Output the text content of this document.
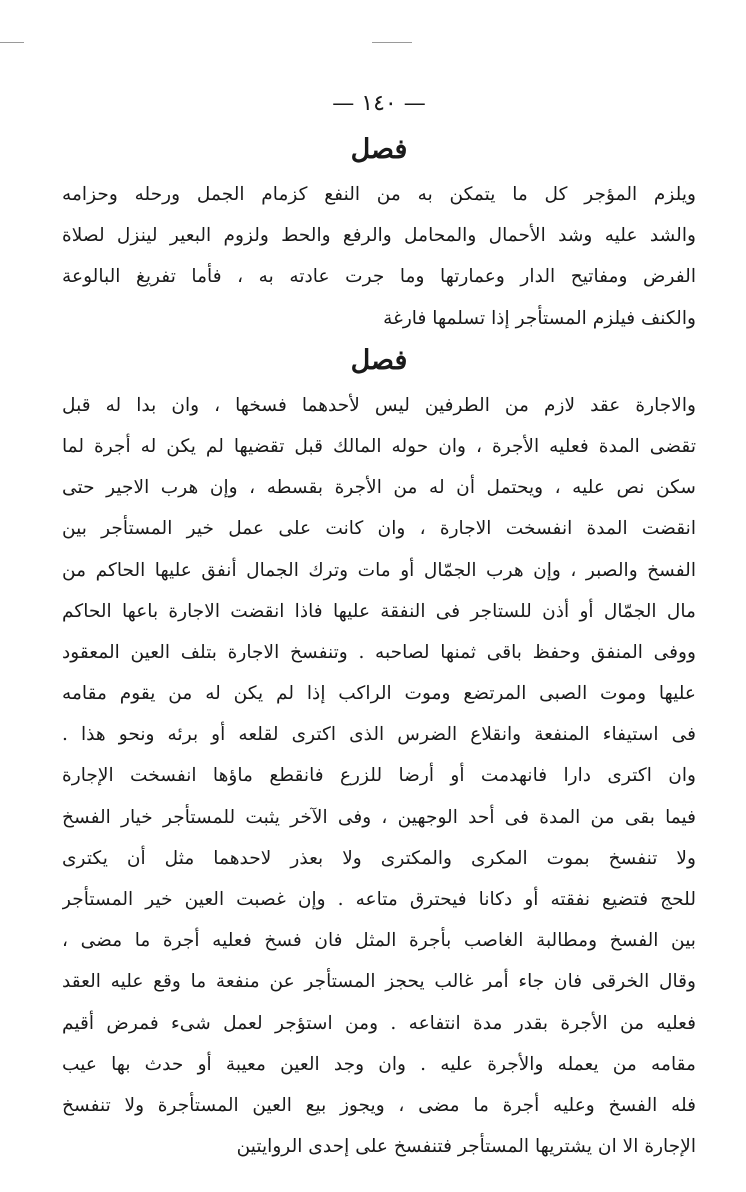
— ١٤٠ —
فصل
ويلزم المؤجر كل ما يتمكن به من النفع كزمام الجمل ورحله وحزامه
والشد عليه وشد الأحمال والمحامل والرفع والحط ولزوم البعير لينزل لصلاة
الفرض ومفاتيح الدار وعمارتها وما جرت عادته به ، فأما تفريغ البالوعة
والكنف فيلزم المستأجر إذا تسلمها فارغة
فصل
والاجارة عقد لازم من الطرفين ليس لأحدهما فسخها ، وان بدا له قبل
تقضى المدة فعليه الأجرة ، وان حوله المالك قبل تقضيها لم يكن له أجرة لما
سكن نص عليه ، ويحتمل أن له من الأجرة بقسطه ، وإن هرب الاجير حتى
انقضت المدة انفسخت الاجارة ، وان كانت على عمل خير المستأجر بين
الفسخ والصبر ، وإن هرب الجمّال أو مات وترك الجمال أنفق عليها الحاكم من
مال الجمّال أو أذن للستاجر فى النفقة عليها فاذا انقضت الاجارة باعها الحاكم
ووفى المنفق وحفظ باقى ثمنها لصاحبه . وتنفسخ الاجارة بتلف العين المعقود
عليها وموت الصبى المرتضع وموت الراكب إذا لم يكن له من يقوم مقامه
فى استيفاء المنفعة وانقلاع الضرس الذى اكترى لقلعه أو برئه ونحو هذا .
وان اكترى دارا فانهدمت أو أرضا للزرع فانقطع ماؤها انفسخت الإجارة
فيما بقى من المدة فى أحد الوجهين ، وفى الآخر يثبت للمستأجر خيار الفسخ
ولا تنفسخ بموت المكرى والمكترى ولا بعذر لاحدهما مثل أن يكترى
للحج فتضيع نفقته أو دكانا فيحترق متاعه . وإن غصبت العين خير المستأجر
بين الفسخ ومطالبة الغاصب بأجرة المثل فان فسخ فعليه أجرة ما مضى ،
وقال الخرقى فان جاء أمر غالب يحجز المستأجر عن منفعة ما وقع عليه العقد
فعليه من الأجرة بقدر مدة انتفاعه . ومن استؤجر لعمل شىء فمرض أقيم
مقامه من يعمله والأجرة عليه . وان وجد العين معيبة أو حدث بها عيب
فله الفسخ وعليه أجرة ما مضى ، ويجوز بيع العين المستأجرة ولا تنفسخ
الإجارة الا ان يشتريها المستأجر فتنفسخ على إحدى الروايتين
